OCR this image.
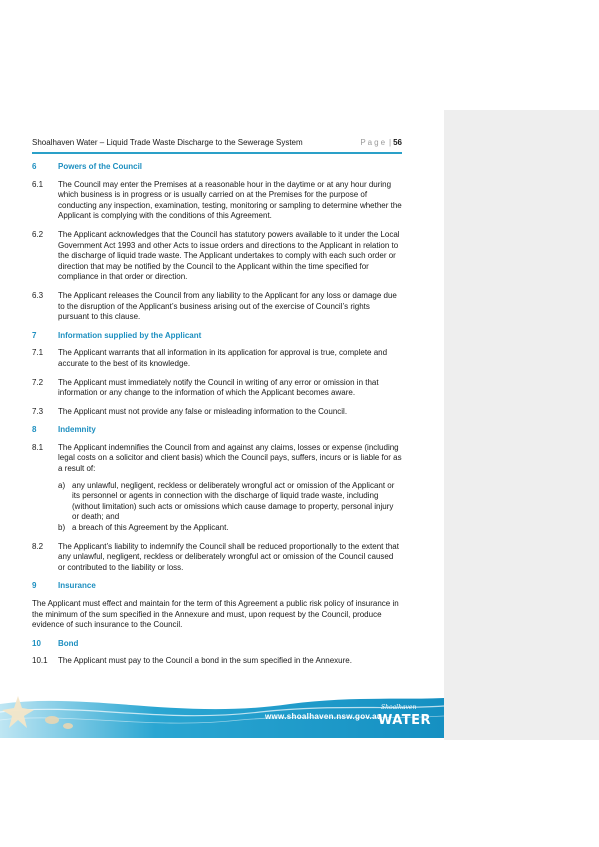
Shoalhaven Water – Liquid Trade Waste Discharge to the Sewerage System	Page | 56
6	Powers of the Council
6.1	The Council may enter the Premises at a reasonable hour in the daytime or at any hour during which business is in progress or is usually carried on at the Premises for the purpose of conducting any inspection, examination, testing, monitoring or sampling to determine whether the Applicant is complying with the conditions of this Agreement.
6.2	The Applicant acknowledges that the Council has statutory powers available to it under the Local Government Act 1993 and other Acts to issue orders and directions to the Applicant in relation to the discharge of liquid trade waste. The Applicant undertakes to comply with each such order or direction that may be notified by the Council to the Applicant within the time specified for compliance in that order or direction.
6.3	The Applicant releases the Council from any liability to the Applicant for any loss or damage due to the disruption of the Applicant’s business arising out of the exercise of Council’s rights pursuant to this clause.
7	Information supplied by the Applicant
7.1	The Applicant warrants that all information in its application for approval is true, complete and accurate to the best of its knowledge.
7.2	The Applicant must immediately notify the Council in writing of any error or omission in that information or any change to the information of which the Applicant becomes aware.
7.3	The Applicant must not provide any false or misleading information to the Council.
8	Indemnity
8.1	The Applicant indemnifies the Council from and against any claims, losses or expense (including legal costs on a solicitor and client basis) which the Council pays, suffers, incurs or is liable for as a result of:
a) any unlawful, negligent, reckless or deliberately wrongful act or omission of the Applicant or its personnel or agents in connection with the discharge of liquid trade waste, including (without limitation) such acts or omissions which cause damage to property, personal injury or death; and
b) a breach of this Agreement by the Applicant.
8.2	The Applicant’s liability to indemnify the Council shall be reduced proportionally to the extent that any unlawful, negligent, reckless or deliberately wrongful act or omission of the Council caused or contributed to the liability or loss.
9	Insurance
The Applicant must effect and maintain for the term of this Agreement a public risk policy of insurance in the minimum of the sum specified in the Annexure and must, upon request by the Council, produce evidence of such insurance to the Council.
10	Bond
10.1	The Applicant must pay to the Council a bond in the sum specified in the Annexure.
www.shoalhaven.nsw.gov.au
Shoalhaven
WATER
